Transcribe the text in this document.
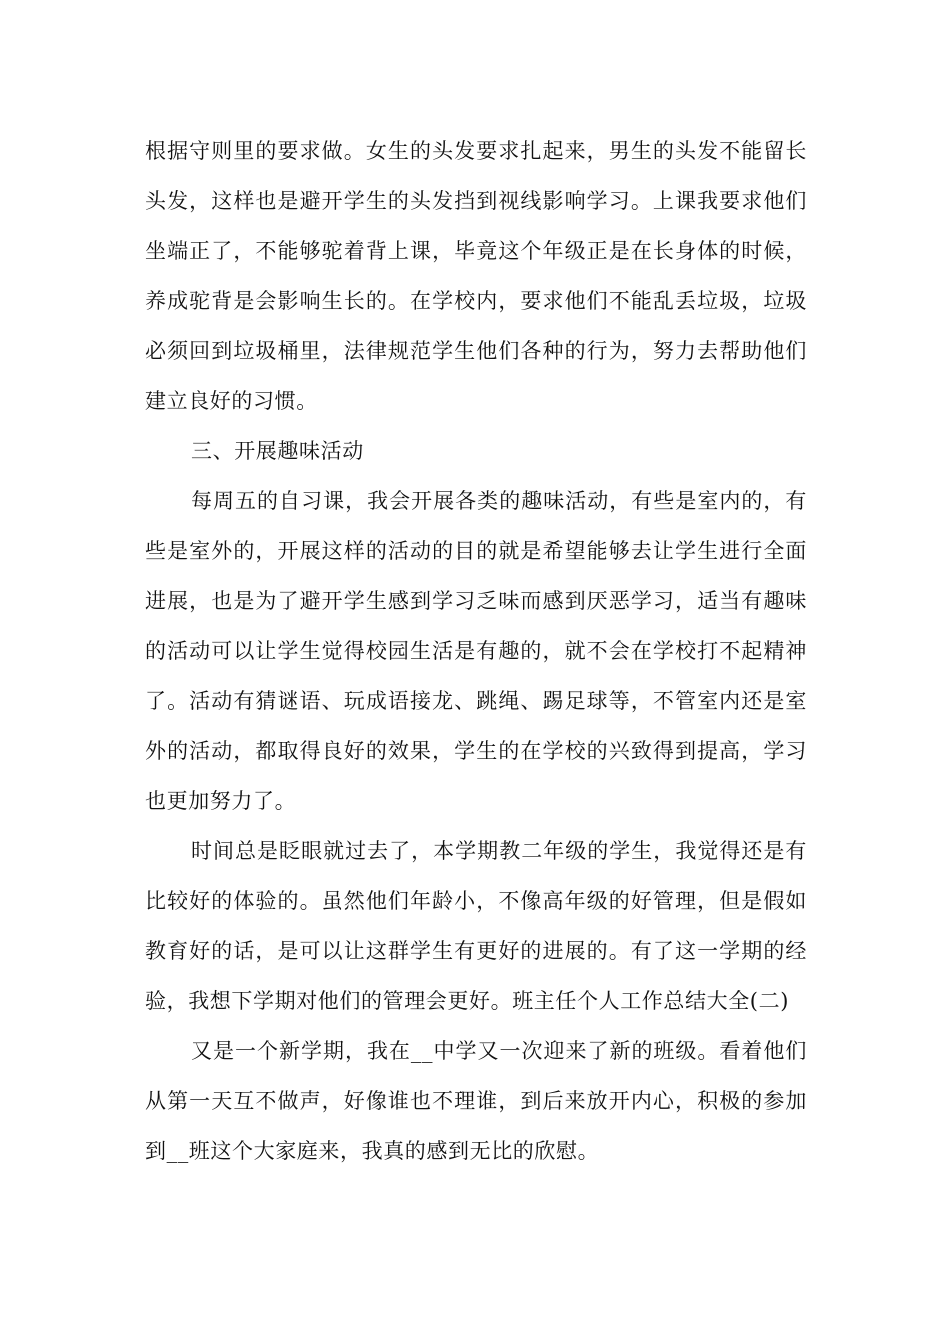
根据守则里的要求做。女生的头发要求扎起来，男生的头发不能留长头发，这样也是避开学生的头发挡到视线影响学习。上课我要求他们坐端正了，不能够驼着背上课，毕竟这个年级正是在长身体的时候，养成驼背是会影响生长的。在学校内，要求他们不能乱丢垃圾，垃圾必须回到垃圾桶里，法律规范学生他们各种的行为，努力去帮助他们建立良好的习惯。

三、开展趣味活动

每周五的自习课，我会开展各类的趣味活动，有些是室内的，有些是室外的，开展这样的活动的目的就是希望能够去让学生进行全面进展，也是为了避开学生感到学习乏味而感到厌恶学习，适当有趣味的活动可以让学生觉得校园生活是有趣的，就不会在学校打不起精神了。活动有猜谜语、玩成语接龙、跳绳、踢足球等，不管室内还是室外的活动，都取得良好的效果，学生的在学校的兴致得到提高，学习也更加努力了。

时间总是眨眼就过去了，本学期教二年级的学生，我觉得还是有比较好的体验的。虽然他们年龄小，不像高年级的好管理，但是假如教育好的话，是可以让这群学生有更好的进展的。有了这一学期的经验，我想下学期对他们的管理会更好。班主任个人工作总结大全(二)

又是一个新学期，我在__中学又一次迎来了新的班级。看着他们从第一天互不做声，好像谁也不理谁，到后来放开内心，积极的参加到__班这个大家庭来，我真的感到无比的欣慰。
